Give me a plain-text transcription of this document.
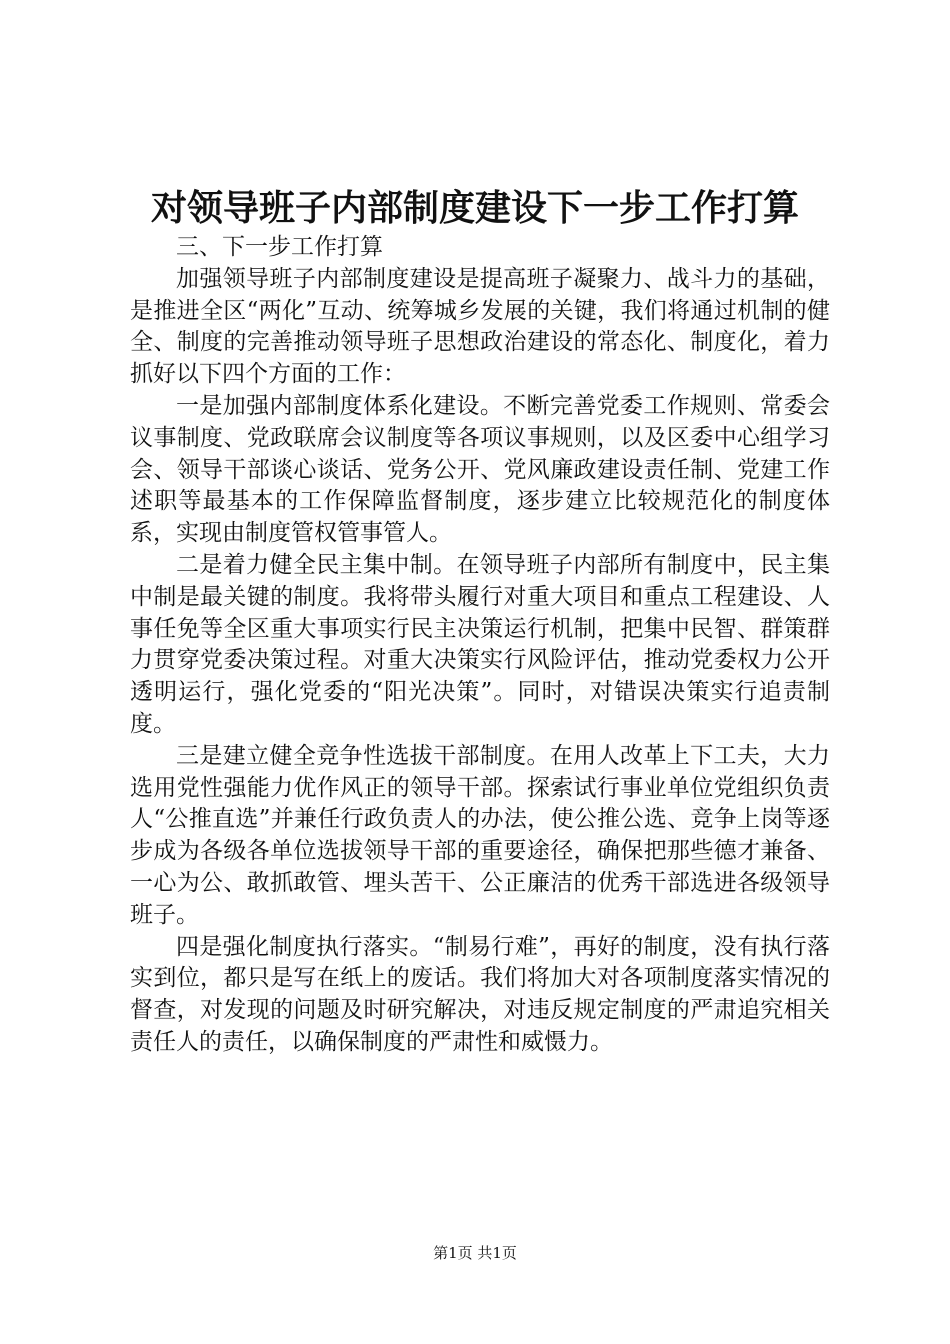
对领导班子内部制度建设下一步工作打算

三、下一步工作打算

加强领导班子内部制度建设是提高班子凝聚力、战斗力的基础，是推进全区“两化”互动、统筹城乡发展的关键，我们将通过机制的健全、制度的完善推动领导班子思想政治建设的常态化、制度化，着力抓好以下四个方面的工作：

一是加强内部制度体系化建设。不断完善党委工作规则、常委会议事制度、党政联席会议制度等各项议事规则，以及区委中心组学习会、领导干部谈心谈话、党务公开、党风廉政建设责任制、党建工作述职等最基本的工作保障监督制度，逐步建立比较规范化的制度体系，实现由制度管权管事管人。

二是着力健全民主集中制。在领导班子内部所有制度中，民主集中制是最关键的制度。我将带头履行对重大项目和重点工程建设、人事任免等全区重大事项实行民主决策运行机制，把集中民智、群策群力贯穿党委决策过程。对重大决策实行风险评估，推动党委权力公开透明运行，强化党委的“阳光决策”。同时，对错误决策实行追责制度。

三是建立健全竞争性选拔干部制度。在用人改革上下工夫，大力选用党性强能力优作风正的领导干部。探索试行事业单位党组织负责人“公推直选”并兼任行政负责人的办法，使公推公选、竞争上岗等逐步成为各级各单位选拔领导干部的重要途径，确保把那些德才兼备、一心为公、敢抓敢管、埋头苦干、公正廉洁的优秀干部选进各级领导班子。

四是强化制度执行落实。“制易行难”，再好的制度，没有执行落实到位，都只是写在纸上的废话。我们将加大对各项制度落实情况的督查，对发现的问题及时研究解决，对违反规定制度的严肃追究相关责任人的责任，以确保制度的严肃性和威慑力。

第1页 共1页
